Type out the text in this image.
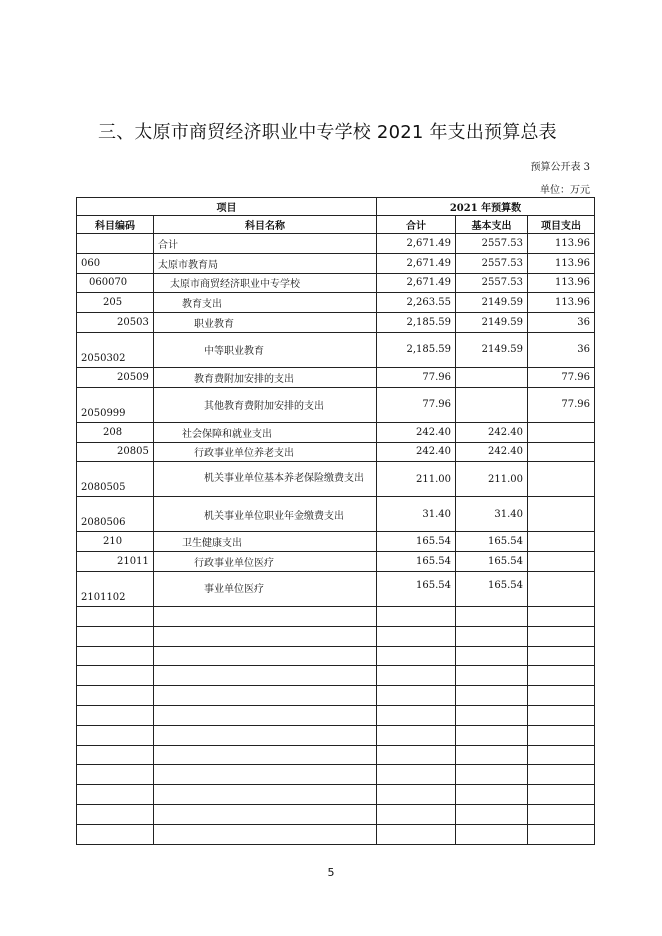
三、太原市商贸经济职业中专学校 2021 年支出预算总表
预算公开表 3
单位：万元
项目		2021 年预算数		
科目编码	科目名称	合计	基本支出	项目支出
	合计	2,671.49	2557.53	113.96
060	太原市教育局	2,671.49	2557.53	113.96
060070	太原市商贸经济职业中专学校	2,671.49	2557.53	113.96
205	教育支出	2,263.55	2149.59	113.96
20503	职业教育	2,185.59	2149.59	36
2050302	中等职业教育	2,185.59	2149.59	36
20509	教育费附加安排的支出	77.96		77.96
2050999	其他教育费附加安排的支出	77.96		77.96
208	社会保障和就业支出	242.40	242.40	
20805	行政事业单位养老支出	242.40	242.40	
2080505	机关事业单位基本养老保险缴费支出	211.00	211.00	
2080506	机关事业单位职业年金缴费支出	31.40	31.40	
210	卫生健康支出	165.54	165.54	
21011	行政事业单位医疗	165.54	165.54	
2101102	事业单位医疗	165.54	165.54	

5
